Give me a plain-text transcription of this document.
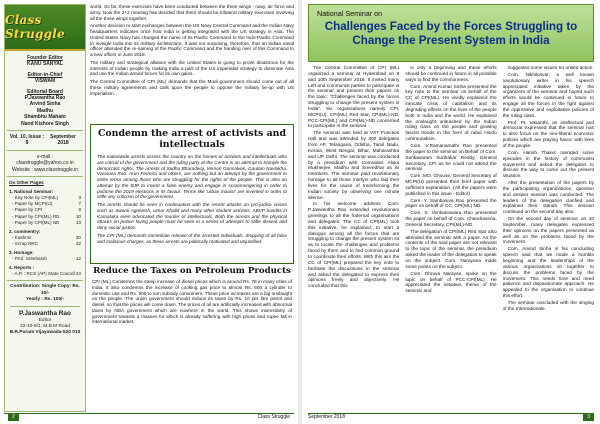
Class Struggle
Founder Editor
KANU SANYAL
Editor-in-Chief
VISWAM
Editorial Board
P.Jaswantha Rao
Arvind Sinha
Madhu
Shambhu Mahato
Nand Kishore Singh
Vol. 10, Issue : 9
September 2018
e-mail : classtruggle@yahoo.co.in
Website : www.classtruggle.in
On Other Pages
1. National Seminar:
- Key Note by CPI(ML)	3
- Paper by MCPI(U)	7
- Paper by CPI	8
- Paper by CPI(ML) RD	10
- Paper by CPI(ML) ND	13
2. commentry:
- Kashmir	20
- Scrap NRC	22
3. Homage:
- Prof. Sreeharsh	12
4. Reports :
- A.P. : RCS (AP) State Council 24
Contribution: Single Copy: Rs. 10/-
Yearly : Rs. 100/-
P.Jaswantha Rao
Editor
22-10-9/1, M.B.M Road
B.R.Puram Vijayawada-520 010

world. So far, these exercises have been conducted between the three wings - navy, air force and army. Now the 2+2 meeting has decided that there should be trilateral military exercises involving all the three wings together.

Another decision to start exchanges between the US Navy Central Command and the Indian Navy headquarters indicates once how India is getting integrated with the US strategy in Asia. The United States Navy has changed the name of its Pacific Command to the Indo-Pacific Command to inveigle India into its military architecture. It was not surprising, therefore, that an Indian naval officer attended the re-naming of the Pacific Command and the handing over of this Command to a new officer in June 2018.

The military and strategical alliance with the United States is going to prove disastrous for the interests of Indian people by making India a part of the US imperialist strategy to dominate Asia and use the Indian armed forces for its own gains.

The Central Committee of CPI (ML) demands that the Modi government should come out of all these military agreements and calls upon the people to oppose the military tie-up with US imperialism.

Condemn the arrest of activists and intellectuals

The nationwide arrests across the country on the homes of activists and intellectuals who are critical of the government and the ruling party at the Centre is an attempt to trample the democratic rights. The arrests of Sudha Bharadwaj, Vernon Gonsalves, Gautam Navlakha, Varavara Rao, Arun Ferreira and others, are nothing but an attempt by the government to strike terror among those who are struggling for the rights of the people. This is also an attempt by the BJP to invent a false enemy and engage in scaremongering in order to polarise the 2019 elections in its favour. Terms like 'urban maoist' are invented in order to stifle any criticism of the government.

The arrests should be seen in continuation with the recent attacks on pro-judice voices such as Swami Agnivesh, Umar Khalid and many other student activists. ABVP bandits in Karnataka even advocated the murder of intellectuals. Both the arrests and the physical attacks on justice loving people must be seen in a series of attempts to stifle dissent and deny social justice.

The CPI (ML) demands immediate release of the arrested individuals, dropping of all false and malicious charges, as these arrests are politically motivated and unjustified.

Reduce the Taxes on Petroleum Products

CPI (ML) Condemns the steep increase of diesel prices which is around Rs. 78 in many cities of India. It also condemns the increase of cooking gas price to almost Rs. 500 a cylinder to domestic use and Rs. 900 to non subsidy consumers. These price increases are a big onslaught on the people. The union government should reduce its taxes by Rs. 10 per litre petrol and diesel, so that the prices will come down. The prices of oil are artificially increased with abnormal taxes by NDA government which are nowhere in the world. This shows insensitivity of government towards a masses for which is already suffering with high prices and rupee fall in international market.

2	Class Struggle
National Seminar on
Challenges Faced by the Forces Struggling to Change the Present System in India

The Central Committee of CPI (ML) organized a seminar at Hyderabad on 9 and 10th September 2018. It invited many Left and communist parties to participate in the seminar and present their papers on the topic: "Challenges faced by the forces struggling to change the present system in India". Six organisations namely CPI, MCPI(U), CPI(ML) Red Star, CPI(ML)-ND, PCC-CPI(ML) and CPI(ML)-ND concerned to participate in the seminar.

The seminar was held at VST Function Hall and was attended by 300 delegates from AP, Telangana, Odisha, Tamil Nadu, Kerala, West Bengal, Bihar, Maharashtra and UP, Delhi. The seminar was conducted by a presidium with Comrades Aluka Mukherjee, Madhu and Sreeedhar as its members. The seminar paid revolutionary homage to all those martyrs who laid their lives for the cause of transforming the Indian society by observing one minute silence.

In his welcome address Com. P.Jaswantha Rao extended revolutionary greetings to all the fraternal organisations and delegates. The CC of CPI(ML) took this initiative, he explained, to start a dialogue among all the forces that are struggling to change the present system so as to locate the challenges and problems faced by them and to find common ground to coordinate their efforts. With this aim the CC of CPI(ML) prepared the key note to facilitate the discussions in the seminar and asked the delegated to express their opinions freely and objectively. He concluded that this

is only a beginning and these efforts should be continued in future in all possible ways to find the commonness.

Com. Arvind Kumar Sinha presented the key note to the seminar on behalf of the CC of CPI(ML). He vividly explained the intricate crisis of capitalism and its degrading effects on the lives of the people both in India and the world. He explained the onslaught unleashed by the Indian ruling class on the people and growing fascist trends in the form of rabid Hindu communalism.

Com. V.Ramanamathi Rao presented the paper to the seminar on Behalf of Com. Sunkavaram Sudhakar Reddy, General Secretary, CPI as he could not attend the seminar.

Com. MO. Ghouse, General Secretary of MCPI(U) presented their brief paper with sufficient explanation. (All the papers were published in this issue - Editor)

Com. Y. Sambasiva Rao presented the paper on behalf of CC, CPI(ML) ND.

Com. S. Venkateswara Rao presented the paper on behalf of Com. Chandrasena, General Secretary, CPI(ML)-ND.

The delegation of CPI(ML) Red Star also attended the seminar with a paper. As the contents of the said paper are not relevant to the topic of the seminar, the presidium asked the leader of the delegation to speak on the subject. Com. Narayana made some points on the subject.

Com. Dhruva Narayan, spoke on the topic on behalf of PCC-CPI(ML). He appreciated the initiative, theme of the seminar and

suggested some issues for united action.

Com. Nikhilesvar, a well known revolutionary writer in his speech appreciated initiative taken by the organizers of the seminar and hoped such efforts would be continued in future to engage all the forces in the fight against the oppressive and exploitative policies of the ruling class.

Prof. PL Vasanthi, an intellectual and democrat expressed that the seminar has to also focus on the neo-liberal economic policies which are playing havoc with lives of the people.

Com. Harish Thakur narrated some episodes in the history of communist movement and asked the delegates to discuss the way to come out the present situation.

After the presentation of the papers by the participating organizations, question and answer session was conducted. The leaders of the delegation clarified and explained their stands. This session continued on the second day also.

On the second day of seminar, on 10 September, many delegates expressed their opinions on the papers presented as well as on the problems faced by the movement.

Com. Arvind Sinha in his concluding speech said that we made a humble beginning and the leaderships of the various organizations sit together to discuss the problems faced by the movement. This needs time and need patience and dispassionate approach. He appealed to the organisation to continue this effort.

The seminar concluded with the singing of the Internationale.

September 2018	3
